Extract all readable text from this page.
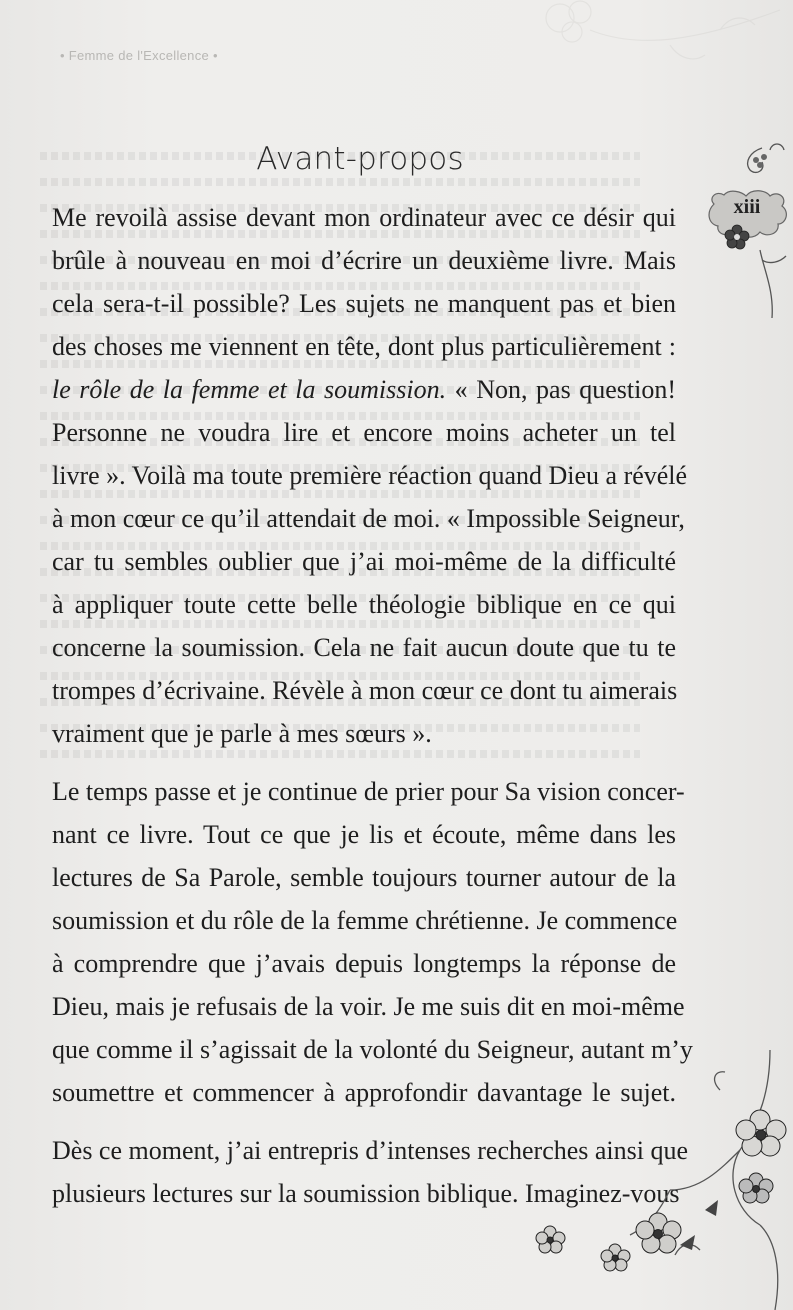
• Femme de l'Excellence •
Avant-propos
xiii

Me revoilà assise devant mon ordinateur avec ce désir qui
brûle à nouveau en moi d’écrire un deuxième livre. Mais
cela sera-t-il possible? Les sujets ne manquent pas et bien
des choses me viennent en tête, dont plus particulièrement :
le rôle de la femme et la soumission. « Non, pas question!
Personne ne voudra lire et encore moins acheter un tel
livre ». Voilà ma toute première réaction quand Dieu a révélé
à mon cœur ce qu’il attendait de moi. « Impossible Seigneur,
car tu sembles oublier que j’ai moi-même de la difficulté
à appliquer toute cette belle théologie biblique en ce qui
concerne la soumission. Cela ne fait aucun doute que tu te
trompes d’écrivaine. Révèle à mon cœur ce dont tu aimerais
vraiment que je parle à mes sœurs ».

Le temps passe et je continue de prier pour Sa vision concer-
nant ce livre. Tout ce que je lis et écoute, même dans les
lectures de Sa Parole, semble toujours tourner autour de la
soumission et du rôle de la femme chrétienne. Je commence
à comprendre que j’avais depuis longtemps la réponse de
Dieu, mais je refusais de la voir. Je me suis dit en moi-même
que comme il s’agissait de la volonté du Seigneur, autant m’y
soumettre et commencer à approfondir davantage le sujet.

Dès ce moment, j’ai entrepris d’intenses recherches ainsi que
plusieurs lectures sur la soumission biblique. Imaginez-vous
